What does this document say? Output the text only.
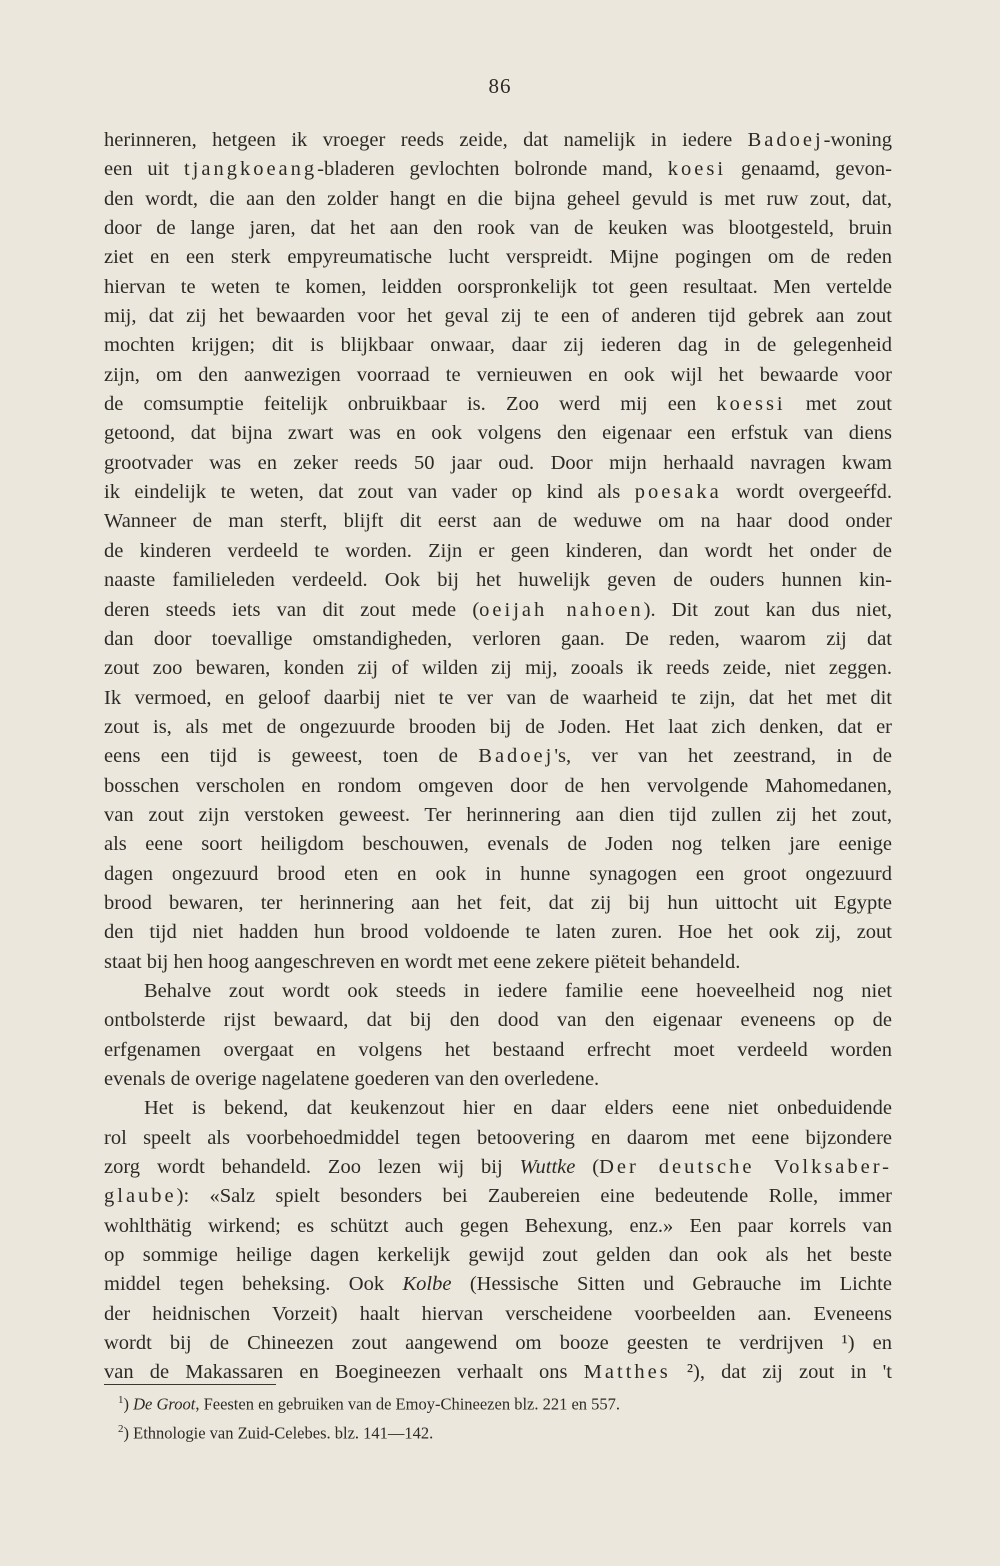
86
herinneren, hetgeen ik vroeger reeds zeide, dat namelijk in iedere Badoej-woning
een uit tjangkoeang-bladeren gevlochten bolronde mand, koesi genaamd, gevon-
den wordt, die aan den zolder hangt en die bijna geheel gevuld is met ruw zout, dat,
door de lange jaren, dat het aan den rook van de keuken was blootgesteld, bruin
ziet en een sterk empyreumatische lucht verspreidt. Mijne pogingen om de reden
hiervan te weten te komen, leidden oorspronkelijk tot geen resultaat. Men vertelde
mij, dat zij het bewaarden voor het geval zij te een of anderen tijd gebrek aan zout
mochten krijgen; dit is blijkbaar onwaar, daar zij iederen dag in de gelegenheid
zijn, om den aanwezigen voorraad te vernieuwen en ook wijl het bewaarde voor
de comsumptie feitelijk onbruikbaar is. Zoo werd mij een koessi met zout
getoond, dat bijna zwart was en ook volgens den eigenaar een erfstuk van diens
grootvader was en zeker reeds 50 jaar oud. Door mijn herhaald navragen kwam
ik eindelijk te weten, dat zout van vader op kind als poesaka wordt overgeeŕfd.
Wanneer de man sterft, blijft dit eerst aan de weduwe om na haar dood onder
de kinderen verdeeld te worden. Zijn er geen kinderen, dan wordt het onder de
naaste familieleden verdeeld. Ook bij het huwelijk geven de ouders hunnen kin-
deren steeds iets van dit zout mede (oeijah nahoen). Dit zout kan dus niet,
dan door toevallige omstandigheden, verloren gaan. De reden, waarom zij dat
zout zoo bewaren, konden zij of wilden zij mij, zooals ik reeds zeide, niet zeggen.
Ik vermoed, en geloof daarbij niet te ver van de waarheid te zijn, dat het met dit
zout is, als met de ongezuurde brooden bij de Joden. Het laat zich denken, dat er
eens een tijd is geweest, toen de Badoej's, ver van het zeestrand, in de
bosschen verscholen en rondom omgeven door de hen vervolgende Mahomedanen,
van zout zijn verstoken geweest. Ter herinnering aan dien tijd zullen zij het zout,
als eene soort heiligdom beschouwen, evenals de Joden nog telken jare eenige
dagen ongezuurd brood eten en ook in hunne synagogen een groot ongezuurd
brood bewaren, ter herinnering aan het feit, dat zij bij hun uittocht uit Egypte
den tijd niet hadden hun brood voldoende te laten zuren. Hoe het ook zij, zout
staat bij hen hoog aangeschreven en wordt met eene zekere piëteit behandeld.
Behalve zout wordt ook steeds in iedere familie eene hoeveelheid nog niet
ontbolsterde rijst bewaard, dat bij den dood van den eigenaar eveneens op de
erfgenamen overgaat en volgens het bestaand erfrecht moet verdeeld worden
evenals de overige nagelatene goederen van den overledene.
Het is bekend, dat keukenzout hier en daar elders eene niet onbeduidende
rol speelt als voorbehoedmiddel tegen betoovering en daarom met eene bijzondere
zorg wordt behandeld. Zoo lezen wij bij Wuttke (Der deutsche Volksaber-
glaube): «Salz spielt besonders bei Zaubereien eine bedeutende Rolle, immer
wohlthätig wirkend; es schützt auch gegen Behexung, enz.» Een paar korrels van
op sommige heilige dagen kerkelijk gewijd zout gelden dan ook als het beste
middel tegen beheksing. Ook Kolbe (Hessische Sitten und Gebrauche im Lichte
der heidnischen Vorzeit) haalt hiervan verscheidene voorbeelden aan. Eveneens
wordt bij de Chineezen zout aangewend om booze geesten te verdrijven ¹) en
van de Makassaren en Boegineezen verhaalt ons Matthes ²), dat zij zout in 't
$^1$) De Groot, Feesten en gebruiken van de Emoy-Chineezen blz. 221 en 557.
$^2$) Ethnologie van Zuid-Celebes. blz. 141—142.
